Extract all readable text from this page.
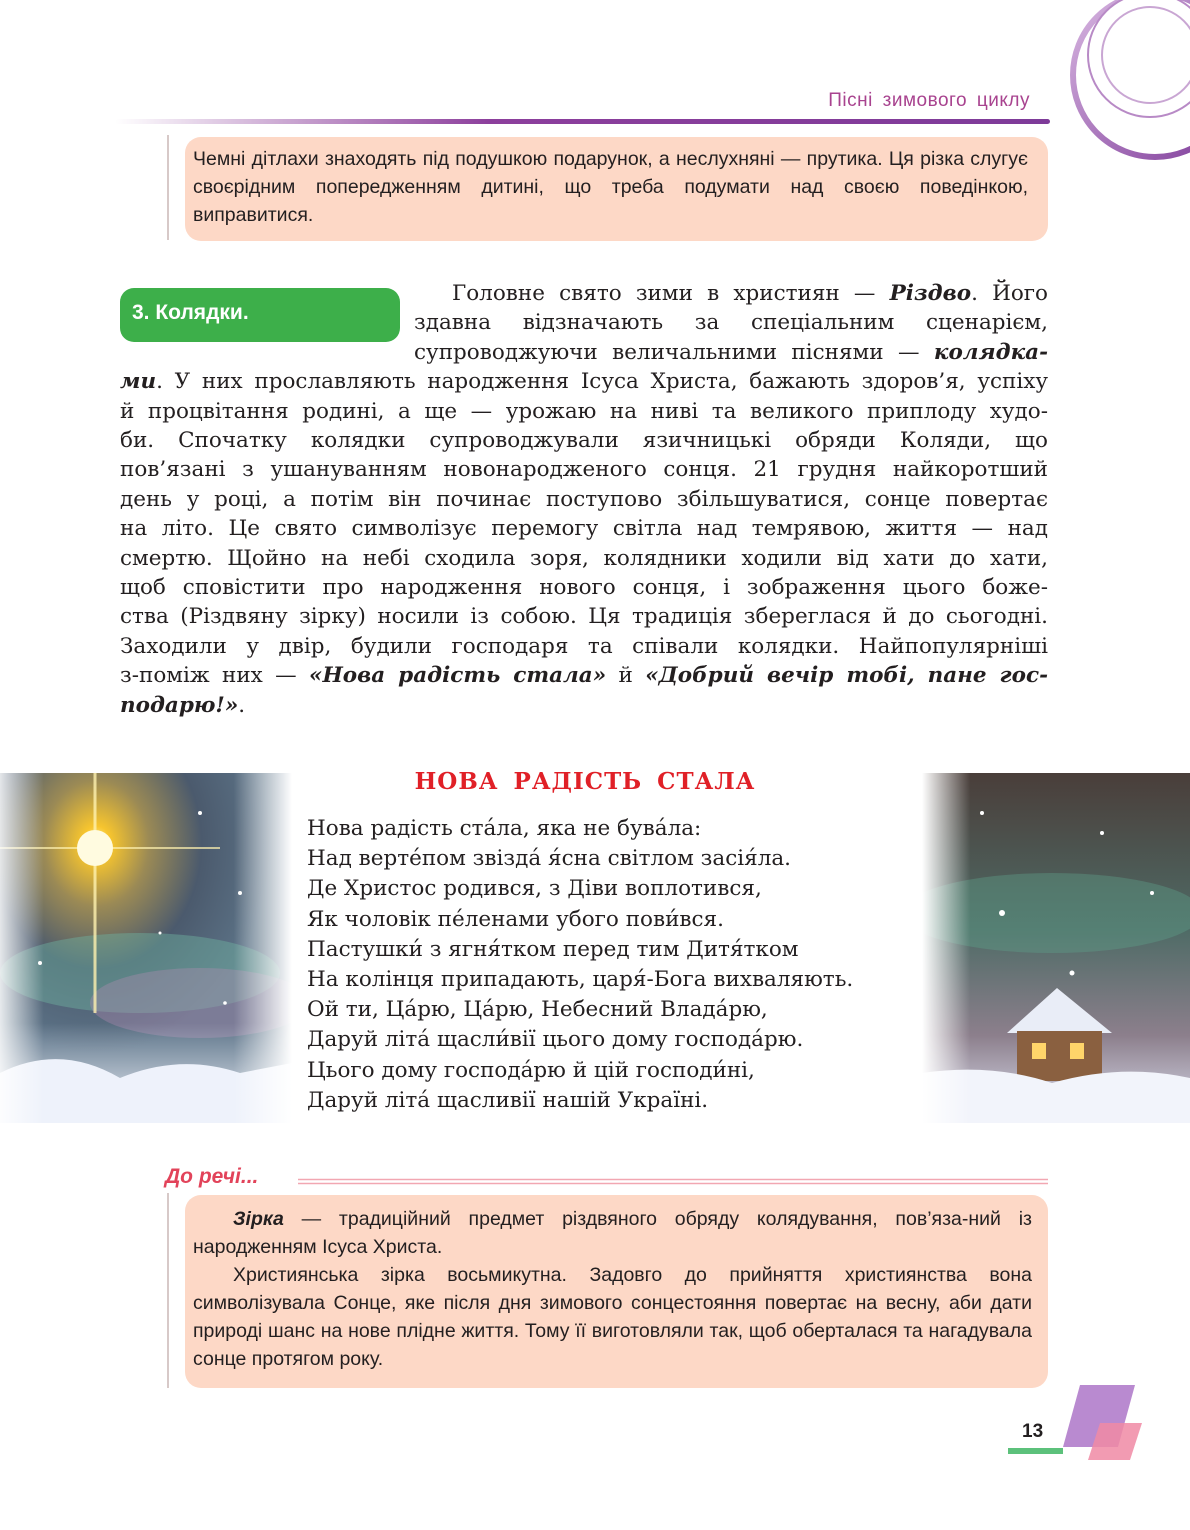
Пісні зимового циклу
Чемні дітлахи знаходять під подушкою подарунок, а неслухняні — прутика. Ця різка слугує своєрідним попередженням дитині, що треба подумати над своєю поведінкою, виправитися.
3. Колядки.
Головне свято зими в християн — Різдво. Його
здавна відзначають за спеціальним сценарієм,
супроводжуючи величальними піснями — колядка-
ми. У них прославляють народження Ісуса Христа, бажають здоров’я, успіху
й процвітання родині, а ще — урожаю на ниві та великого приплоду худо-
би. Спочатку колядки супроводжували язичницькі обряди Коляди, що
пов’язані з ушануванням новонародженого сонця. 21 грудня найкоротший
день у році, а потім він починає поступово збільшуватися, сонце повертає
на літо. Це свято символізує перемогу світла над темрявою, життя — над
смертю. Щойно на небі сходила зоря, колядники ходили від хати до хати,
щоб сповістити про народження нового сонця, і зображення цього боже-
ства (Різдвяну зірку) носили із собою. Ця традиція збереглася й до сьогодні.
Заходили у двір, будили господаря та співали колядки. Найпопулярніші
з-поміж них — «Нова радість стала» й «Добрий вечір тобі, пане гос-
подарю!».
НОВА РАДІСТЬ СТАЛА
Нова радість ста́ла, яка не бува́ла:
Над верте́пом звізда́ я́сна світлом засія́ла.
Де Христос родився, з Діви воплотився,
Як чоловік пе́ленами убого пови́вся.
Пастушки́ з ягня́тком перед тим Дитя́тком
На колінця припадають, царя́-Бога вихваляють.
Ой ти, Ца́рю, Ца́рю, Небесний Влада́рю,
Даруй літа́ щасли́вії цього дому господа́рю.
Цього дому господа́рю й цій господи́ні,
Даруй літа́ щасливії нашій Україні.
До речі...

Зірка — традиційний предмет різдвяного обряду колядування, пов’яза-ний із народженням Ісуса Христа.

Християнська зірка восьмикутна. Задовго до прийняття християнства вона символізувала Сонце, яке після дня зимового сонцестояння повертає на весну, аби дати природі шанс на нове плідне життя. Тому її виготовляли так, щоб оберталася та нагадувала сонце протягом року.

13
